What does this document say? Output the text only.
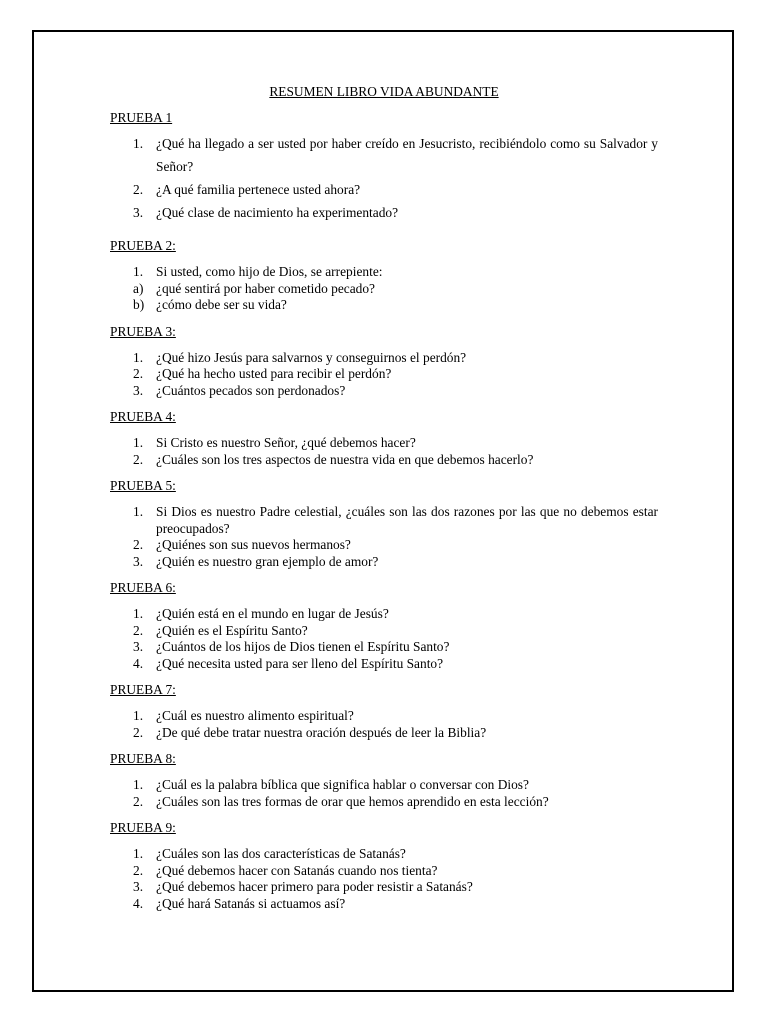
RESUMEN LIBRO VIDA ABUNDANTE
PRUEBA 1
1. ¿Qué ha llegado a ser usted por haber creído en Jesucristo, recibiéndolo como su Salvador y Señor?
2. ¿A qué familia pertenece usted ahora?
3. ¿Qué clase de nacimiento ha experimentado?
PRUEBA 2:
1. Si usted, como hijo de Dios, se arrepiente:
a) ¿qué sentirá por haber cometido pecado?
b) ¿cómo debe ser su vida?
PRUEBA 3:
1. ¿Qué hizo Jesús para salvarnos y conseguirnos el perdón?
2. ¿Qué ha hecho usted para recibir el perdón?
3. ¿Cuántos pecados son perdonados?
PRUEBA 4:
1. Si Cristo es nuestro Señor, ¿qué debemos hacer?
2. ¿Cuáles son los tres aspectos de nuestra vida en que debemos hacerlo?
PRUEBA 5:
1. Si Dios es nuestro Padre celestial, ¿cuáles son las dos razones por las que no debemos estar preocupados?
2. ¿Quiénes son sus nuevos hermanos?
3. ¿Quién es nuestro gran ejemplo de amor?
PRUEBA 6:
1. ¿Quién está en el mundo en lugar de Jesús?
2. ¿Quién es el Espíritu Santo?
3. ¿Cuántos de los hijos de Dios tienen el Espíritu Santo?
4. ¿Qué necesita usted para ser lleno del Espíritu Santo?
PRUEBA 7:
1. ¿Cuál es nuestro alimento espiritual?
2. ¿De qué debe tratar nuestra oración después de leer la Biblia?
PRUEBA 8:
1. ¿Cuál es la palabra bíblica que significa hablar o conversar con Dios?
2. ¿Cuáles son las tres formas de orar que hemos aprendido en esta lección?
PRUEBA 9:
1. ¿Cuáles son las dos características de Satanás?
2. ¿Qué debemos hacer con Satanás cuando nos tienta?
3. ¿Qué debemos hacer primero para poder resistir a Satanás?
4. ¿Qué hará Satanás si actuamos así?
